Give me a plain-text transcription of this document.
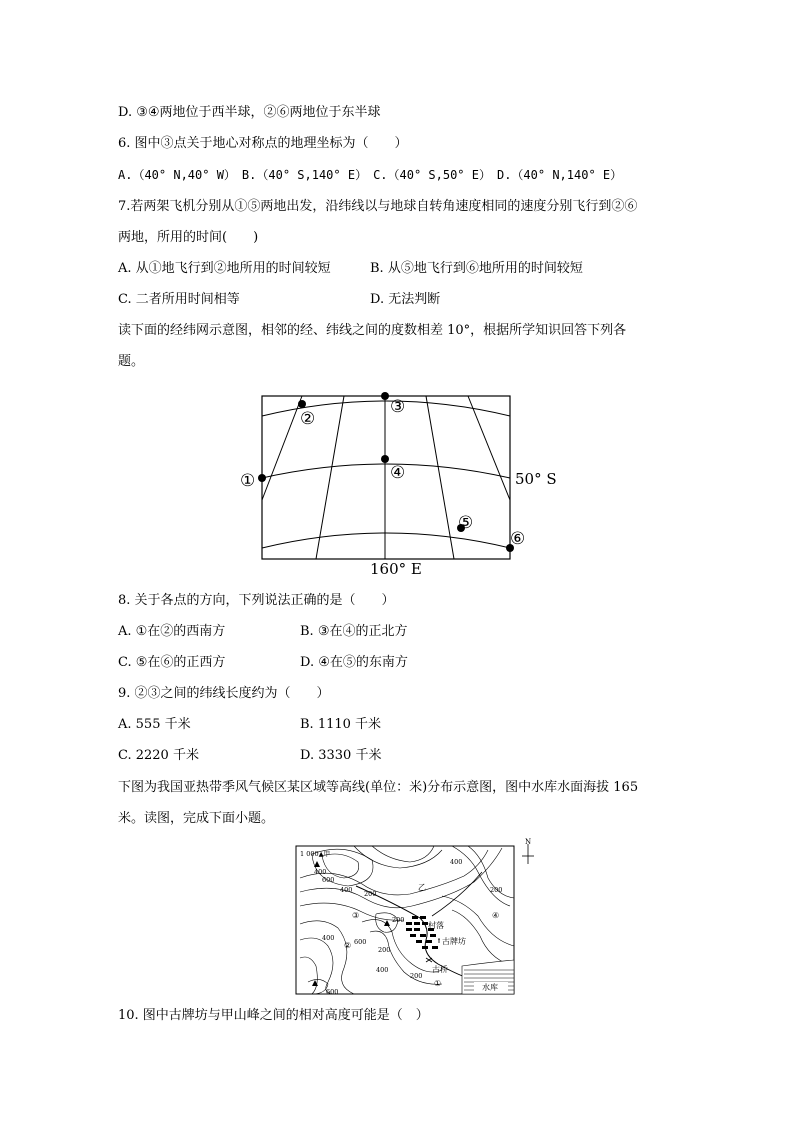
D. ③④两地位于西半球，②⑥两地位于东半球
6. 图中③点关于地心对称点的地理坐标为（　　）
A.（40° N,40° W）　B.（40° S,140° E）　C.（40° S,50° E）　D.（40° N,140° E）
7.若两架飞机分别从①⑤两地出发，沿纬线以与地球自转角速度相同的速度分别飞行到②⑥
两地，所用的时间(　　)
A. 从①地飞行到②地所用的时间较短	B. 从⑤地飞行到⑥地所用的时间较短
C. 二者所用时间相等	D. 无法判断
读下面的经纬网示意图，相邻的经、纬线之间的度数相差 10°，根据所学知识回答下列各
题。
①
②
③
④
⑤
⑥
50° S
160° E
8. 关于各点的方向，下列说法正确的是（　　）
A. ①在②的西南方	B. ③在④的正北方
C. ⑤在⑥的正西方	D. ④在⑤的东南方
9. ②③之间的纬线长度约为（　　）
A. 555 千米	B. 1110 千米
C. 2220 千米	D. 3330 千米
下图为我国亚热带季风气候区某区域等高线(单位：米)分布示意图，图中水库水面海拔 165
米。读图，完成下面小题。
N
1 000▲甲
400
600
400 200
400
200
200
400
200
600
400
200
600
乙
③
②
④
①
村落
古牌坊
古桥
水库
10. 图中古牌坊与甲山峰之间的相对高度可能是（　）
